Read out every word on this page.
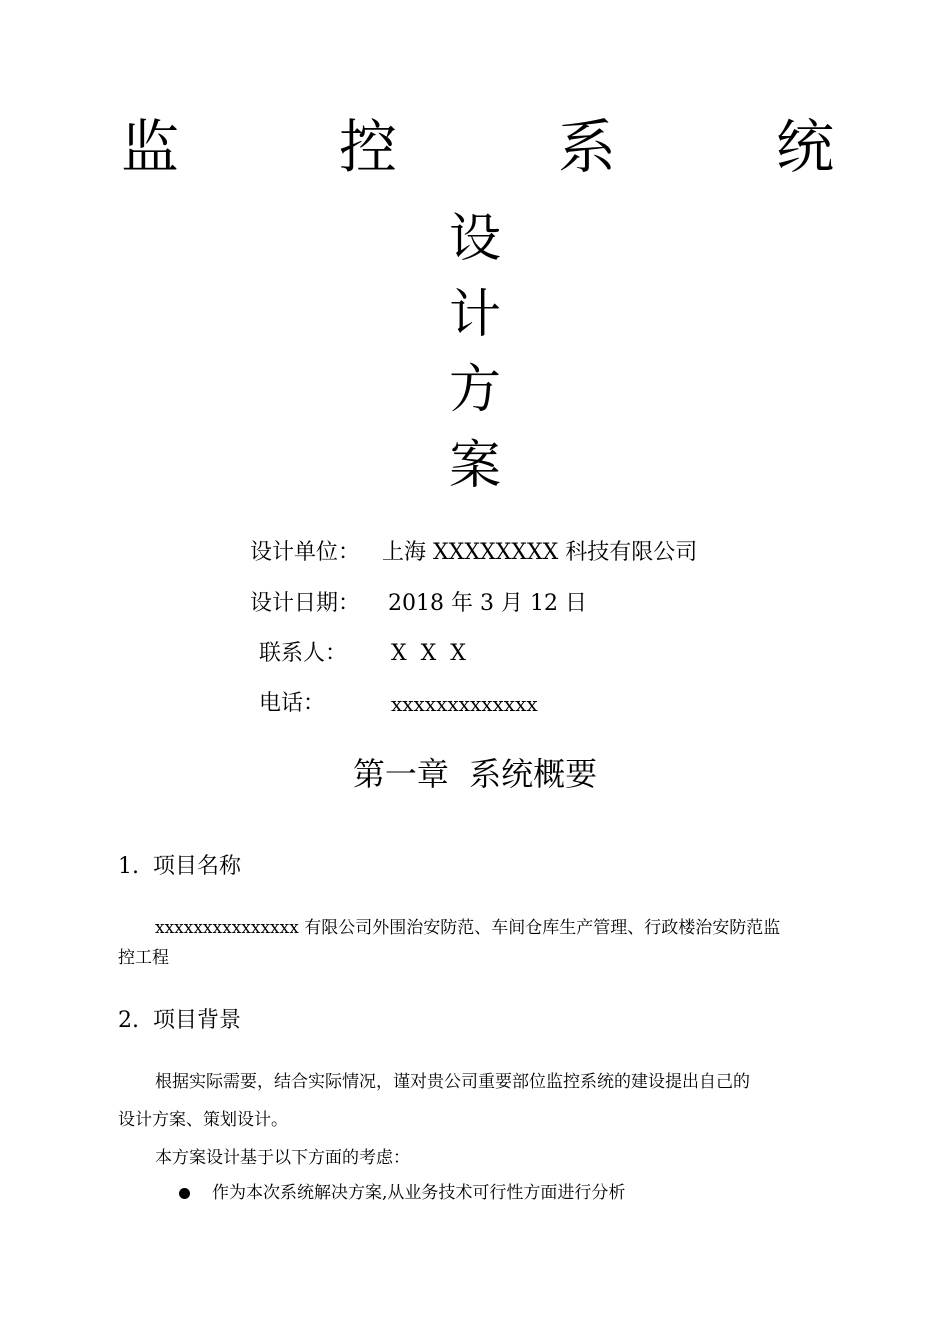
监	控	系	统
设
计
方
案
设计单位： 上海 XXXXXXXX 科技有限公司
设计日期： 2018 年 3 月 12 日
联系人： X  X  X
电话：	xxxxxxxxxxxxx
第一章  系统概要
1.  项目名称
xxxxxxxxxxxxxxx 有限公司外围治安防范、车间仓库生产管理、行政楼治安防范监
控工程
2.  项目背景
根据实际需要，结合实际情况，谨对贵公司重要部位监控系统的建设提出自己的
设计方案、策划设计。
本方案设计基于以下方面的考虑：
作为本次系统解决方案,从业务技术可行性方面进行分析
